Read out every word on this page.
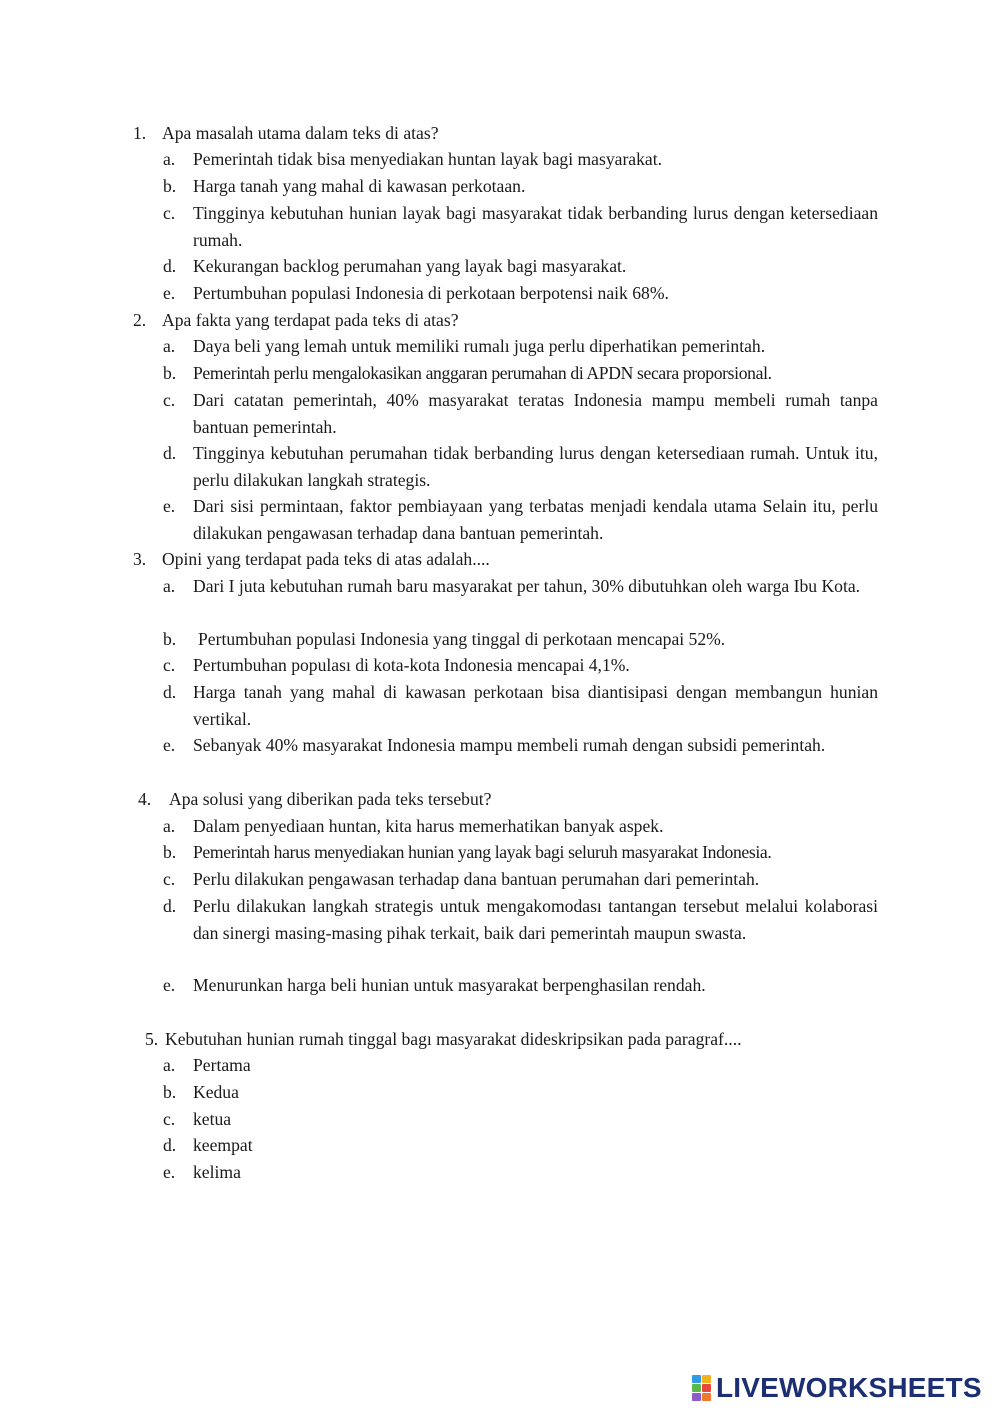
1. Apa masalah utama dalam teks di atas?
a.	Pemerintah tidak bisa menyediakan huntan layak bagi masyarakat.
b. Harga tanah yang mahal di kawasan perkotaan.
c.	Tingginya kebutuhan hunian layak bagi masyarakat tidak berbanding lurus dengan ketersediaan rumah.
d. Kekurangan backlog perumahan yang layak bagi masyarakat.
e.	Pertumbuhan populasi Indonesia di perkotaan berpotensi naik 68%.
2. Apa fakta yang terdapat pada teks di atas?
a.	Daya beli yang lemah untuk memiliki rumalı juga perlu diperhatikan pemerintah.
b. Pemerintah perlu mengalokasikan anggaran perumahan di APDN secara proporsional.
c.	Dari catatan pemerintah, 40% masyarakat teratas Indonesia mampu membeli rumah tanpa bantuan pemerintah.
d. Tingginya kebutuhan perumahan tidak berbanding lurus dengan ketersediaan rumah. Untuk itu, perlu dilakukan langkah strategis.
e.	Dari sisi permintaan, faktor pembiayaan yang terbatas menjadi kendala utama Selain itu, perlu dilakukan pengawasan terhadap dana bantuan pemerintah.
3. Opini yang terdapat pada teks di atas adalah....
a.	Dari I juta kebutuhan rumah baru masyarakat per tahun, 30% dibutuhkan oleh warga Ibu Kota.
b.	Pertumbuhan populasi Indonesia yang tinggal di perkotaan mencapai 52%.
c.	Pertumbuhan populası di kota-kota Indonesia mencapai 4,1%.
d. Harga tanah yang mahal di kawasan perkotaan bisa diantisipasi dengan membangun hunian vertikal.
e.	Sebanyak 40% masyarakat Indonesia mampu membeli rumah dengan subsidi pemerintah.
4. Apa solusi yang diberikan pada teks tersebut?
a.	Dalam penyediaan huntan, kita harus memerhatikan banyak aspek.
b. Pemerintah harus menyediakan hunian yang layak bagi seluruh masyarakat Indonesia.
c.	Perlu dilakukan pengawasan terhadap dana bantuan perumahan dari pemerintah.
d. Perlu dilakukan langkah strategis untuk mengakomodası tantangan tersebut melalui kolaborasi dan sinergi masing-masing pihak terkait, baik dari pemerintah maupun swasta.
e.	Menurunkan harga beli hunian untuk masyarakat berpenghasilan rendah.
5. Kebutuhan hunian rumah tinggal bagı masyarakat dideskripsikan pada paragraf....
a.	Pertama
b. Kedua
c.	ketua
d. keempat
e.	kelima
LIVEWORKSHEETS
